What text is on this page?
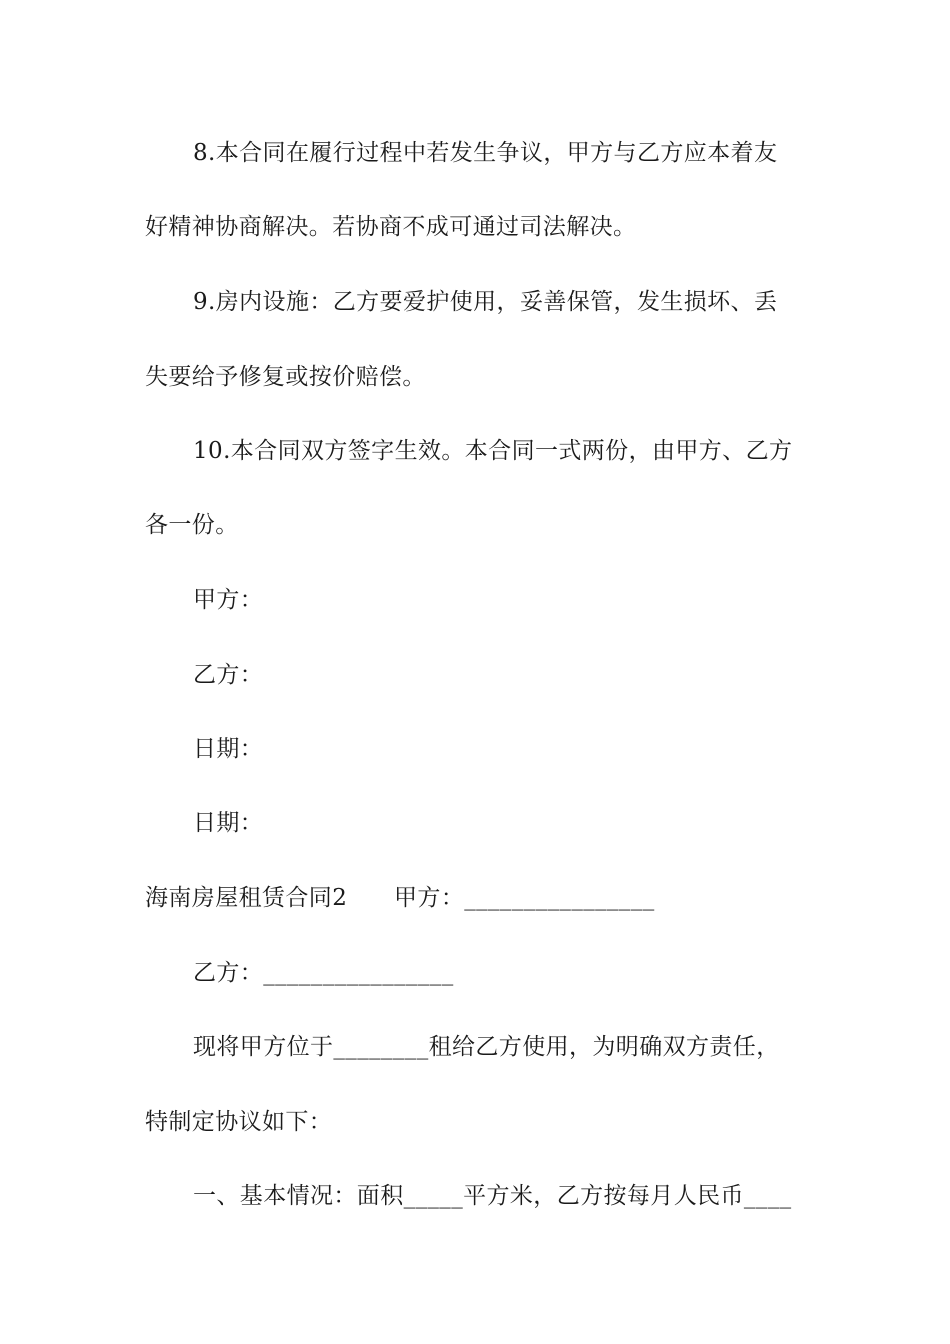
8.本合同在履行过程中若发生争议，甲方与乙方应本着友
好精神协商解决。若协商不成可通过司法解决。
9.房内设施：乙方要爱护使用，妥善保管，发生损坏、丢
失要给予修复或按价赔偿。
10.本合同双方签字生效。本合同一式两份，由甲方、乙方
各一份。
甲方：
乙方：
日期：
日期：
海南房屋租赁合同2　　甲方：________________
乙方：________________
现将甲方位于________租给乙方使用，为明确双方责任，
特制定协议如下：
一、基本情况：面积_____平方米，乙方按每月人民币____
